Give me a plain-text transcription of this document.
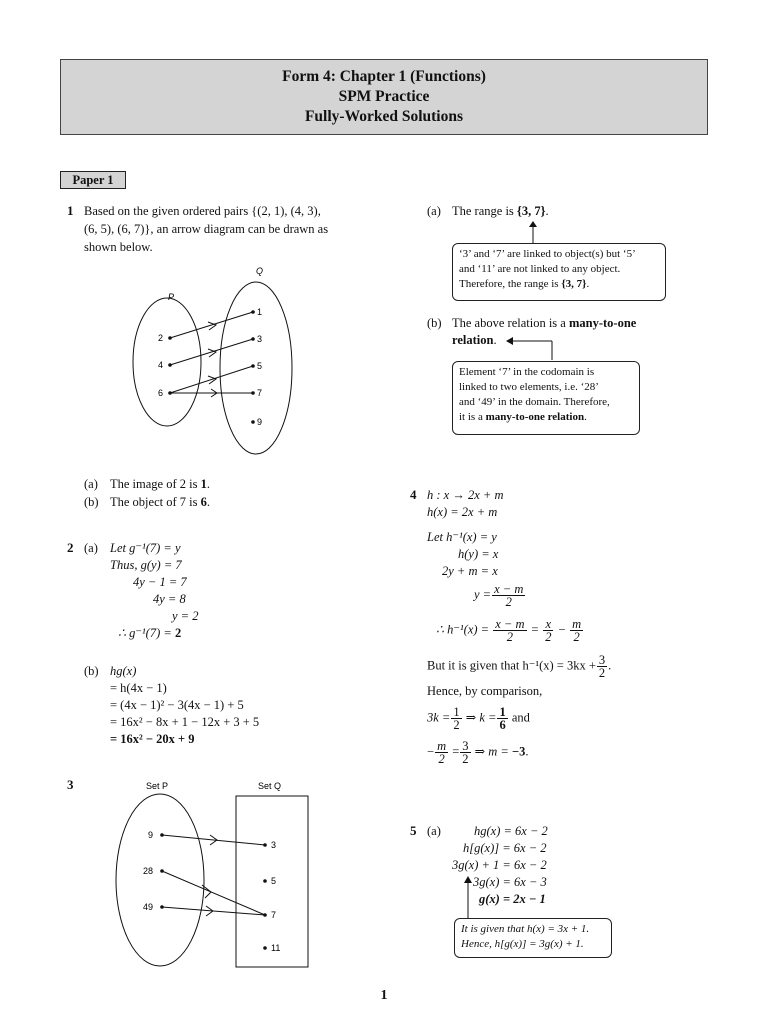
Form 4: Chapter 1 (Functions)
SPM Practice
Fully-Worked Solutions
Paper 1
1 Based on the given ordered pairs {(2, 1), (4, 3),
(6, 5), (6, 7)}, an arrow diagram can be drawn as
shown below.
P
Q
2
4
6
1
3
5
7
9
(a) The image of 2 is 1.
(b) The object of 7 is 6.
(a) The range is {3, 7}.
‘3’ and ‘7’ are linked to object(s) but ‘5’
and ‘11’ are not linked to any object.
Therefore, the range is {3, 7}.
(b) The above relation is a many-to-one
relation.
Element ‘7’ in the codomain is
linked to two elements, i.e. ‘28’
and ‘49’ in the domain. Therefore,
it is a many-to-one relation.
2 (a) Let g⁻¹(7) = y
Thus, g(y) = 7
4y − 1 = 7
4y = 8
y = 2
∴ g⁻¹(7) = 2
(b) hg(x)
= h(4x − 1)
= (4x − 1)² − 3(4x − 1) + 5
= 16x² − 8x + 1 − 12x + 3 + 5
= 16x² − 20x + 9
3	Set P	Set Q
9
28
49
3
5
7
11
4 h : x → 2x + m
h(x) = 2x + m
Let h⁻¹(x) = y
h(y) = x
2y + m = x
$y = \frac{x - m}{2}$
∴ $h^{-1}(x) = \frac{x - m}{2} = \frac{x}{2} - \frac{m}{2}$
But it is given that $h^{-1}(x) = 3kx + \frac{3}{2}$ .
Hence, by comparison,
$3k = \frac{1}{2}$ ⇒ $k = \frac{1}{6}$ and
− $\frac{m}{2} = \frac{3}{2}$ ⇒ m = −3.
5 (a)	hg(x) = 6x − 2
h[g(x)] = 6x − 2
3g(x) + 1 = 6x − 2
3g(x) = 6x − 3
g(x) = 2x − 1
It is given that h(x) = 3x + 1.
Hence, h[g(x)] = 3g(x) + 1.
1
